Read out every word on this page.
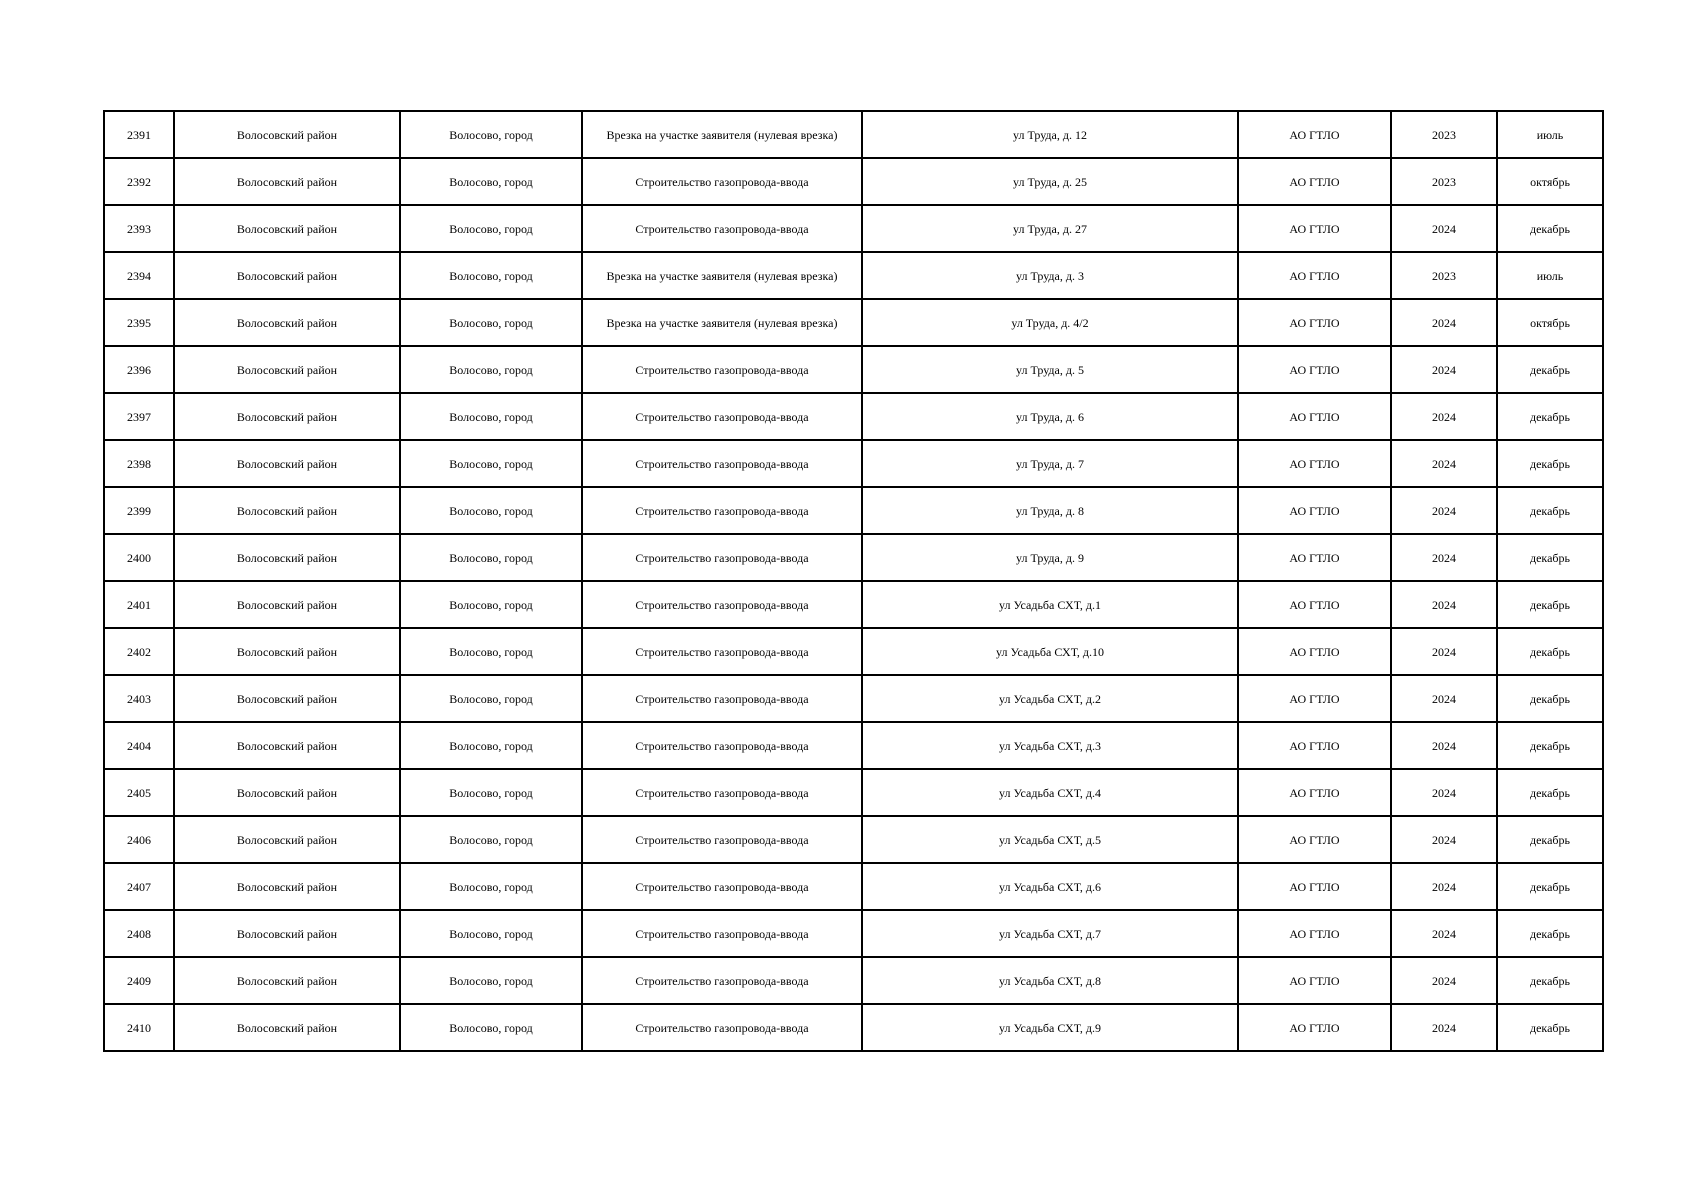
2391	Волосовский район	Волосово, город	Врезка на участке заявителя (нулевая врезка)	ул Труда, д. 12	АО ГТЛО	2023	июль
2392	Волосовский район	Волосово, город	Строительство газопровода-ввода	ул Труда, д. 25	АО ГТЛО	2023	октябрь
2393	Волосовский район	Волосово, город	Строительство газопровода-ввода	ул Труда, д. 27	АО ГТЛО	2024	декабрь
2394	Волосовский район	Волосово, город	Врезка на участке заявителя (нулевая врезка)	ул Труда, д. 3	АО ГТЛО	2023	июль
2395	Волосовский район	Волосово, город	Врезка на участке заявителя (нулевая врезка)	ул Труда, д. 4/2	АО ГТЛО	2024	октябрь
2396	Волосовский район	Волосово, город	Строительство газопровода-ввода	ул Труда, д. 5	АО ГТЛО	2024	декабрь
2397	Волосовский район	Волосово, город	Строительство газопровода-ввода	ул Труда, д. 6	АО ГТЛО	2024	декабрь
2398	Волосовский район	Волосово, город	Строительство газопровода-ввода	ул Труда, д. 7	АО ГТЛО	2024	декабрь
2399	Волосовский район	Волосово, город	Строительство газопровода-ввода	ул Труда, д. 8	АО ГТЛО	2024	декабрь
2400	Волосовский район	Волосово, город	Строительство газопровода-ввода	ул Труда, д. 9	АО ГТЛО	2024	декабрь
2401	Волосовский район	Волосово, город	Строительство газопровода-ввода	ул Усадьба СХТ, д.1	АО ГТЛО	2024	декабрь
2402	Волосовский район	Волосово, город	Строительство газопровода-ввода	ул Усадьба СХТ, д.10	АО ГТЛО	2024	декабрь
2403	Волосовский район	Волосово, город	Строительство газопровода-ввода	ул Усадьба СХТ, д.2	АО ГТЛО	2024	декабрь
2404	Волосовский район	Волосово, город	Строительство газопровода-ввода	ул Усадьба СХТ, д.3	АО ГТЛО	2024	декабрь
2405	Волосовский район	Волосово, город	Строительство газопровода-ввода	ул Усадьба СХТ, д.4	АО ГТЛО	2024	декабрь
2406	Волосовский район	Волосово, город	Строительство газопровода-ввода	ул Усадьба СХТ, д.5	АО ГТЛО	2024	декабрь
2407	Волосовский район	Волосово, город	Строительство газопровода-ввода	ул Усадьба СХТ, д.6	АО ГТЛО	2024	декабрь
2408	Волосовский район	Волосово, город	Строительство газопровода-ввода	ул Усадьба СХТ, д.7	АО ГТЛО	2024	декабрь
2409	Волосовский район	Волосово, город	Строительство газопровода-ввода	ул Усадьба СХТ, д.8	АО ГТЛО	2024	декабрь
2410	Волосовский район	Волосово, город	Строительство газопровода-ввода	ул Усадьба СХТ, д.9	АО ГТЛО	2024	декабрь
